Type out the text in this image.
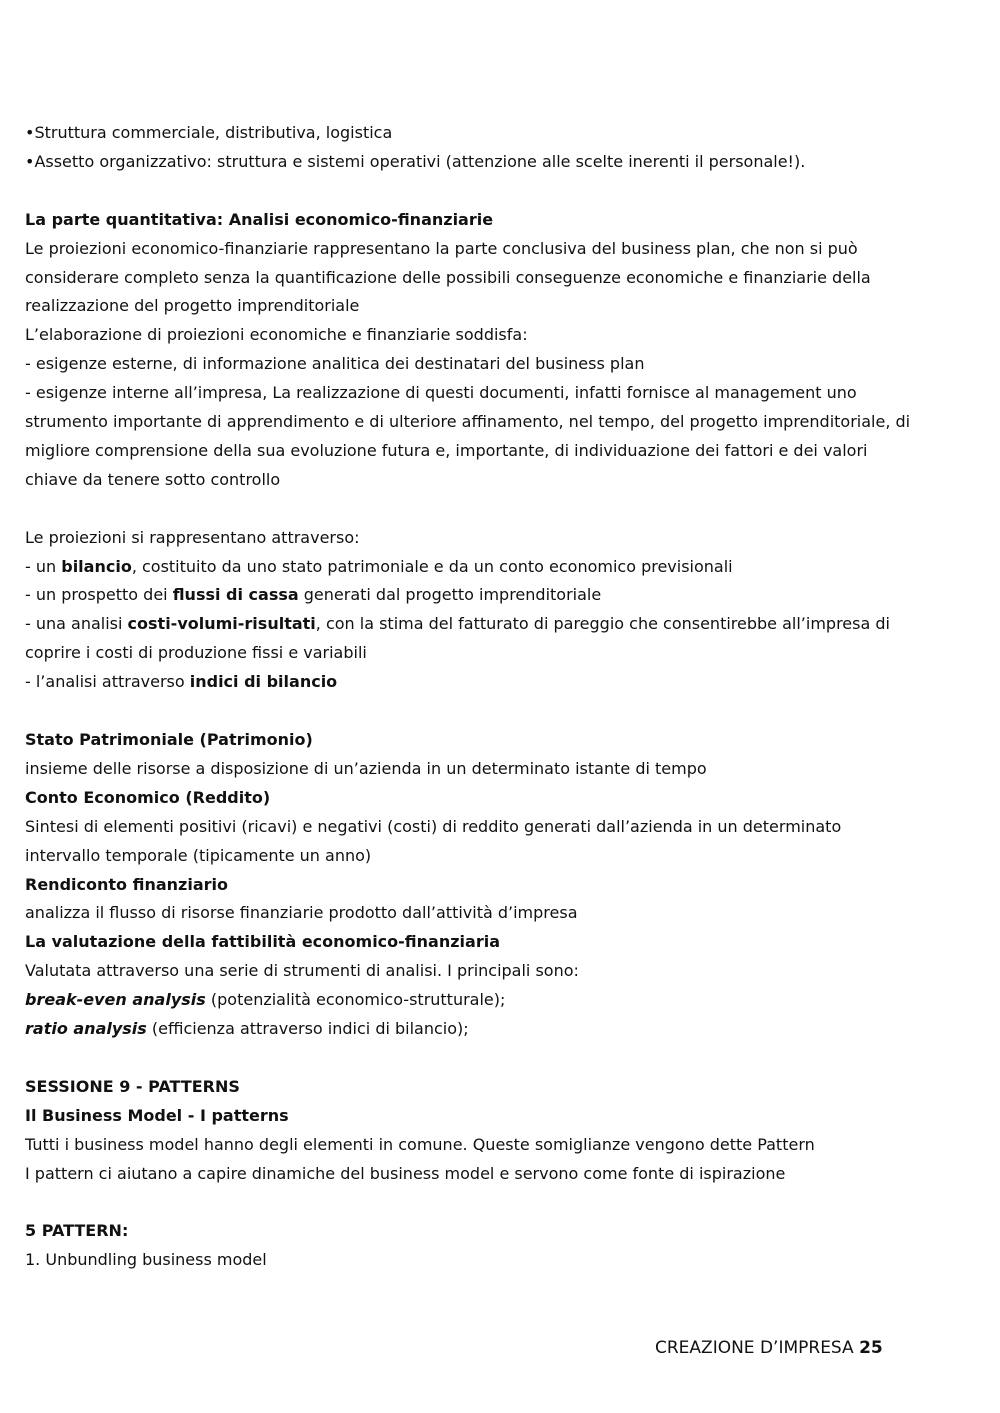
•Struttura commerciale, distributiva, logistica
•Assetto organizzativo: struttura e sistemi operativi (attenzione alle scelte inerenti il personale!).
La parte quantitativa: Analisi economico-finanziarie
Le proiezioni economico-finanziarie rappresentano la parte conclusiva del business plan, che non si può
considerare completo senza la quantificazione delle possibili conseguenze economiche e finanziarie della
realizzazione del progetto imprenditoriale
L’elaborazione di proiezioni economiche e finanziarie soddisfa:
- esigenze esterne, di informazione analitica dei destinatari del business plan
- esigenze interne all’impresa, La realizzazione di questi documenti, infatti fornisce al management uno
strumento importante di apprendimento e di ulteriore affinamento, nel tempo, del progetto imprenditoriale, di
migliore comprensione della sua evoluzione futura e, importante, di individuazione dei fattori e dei valori
chiave da tenere sotto controllo
Le proiezioni si rappresentano attraverso:
- un bilancio, costituito da uno stato patrimoniale e da un conto economico previsionali
- un prospetto dei flussi di cassa generati dal progetto imprenditoriale
- una analisi costi-volumi-risultati, con la stima del fatturato di pareggio che consentirebbe all’impresa di
coprire i costi di produzione fissi e variabili
- l’analisi attraverso indici di bilancio
Stato Patrimoniale (Patrimonio)
insieme delle risorse a disposizione di un’azienda in un determinato istante di tempo
Conto Economico (Reddito)
Sintesi di elementi positivi (ricavi) e negativi (costi) di reddito generati dall’azienda in un determinato
intervallo temporale (tipicamente un anno)
Rendiconto finanziario
analizza il flusso di risorse finanziarie prodotto dall’attività d’impresa
La valutazione della fattibilità economico-finanziaria
Valutata attraverso una serie di strumenti di analisi. I principali sono:
break-even analysis (potenzialità economico-strutturale);
ratio analysis (efficienza attraverso indici di bilancio);
SESSIONE 9 - PATTERNS
Il Business Model - I patterns
Tutti i business model hanno degli elementi in comune. Queste somiglianze vengono dette Pattern
I pattern ci aiutano a capire dinamiche del business model e servono come fonte di ispirazione
5 PATTERN:
1. Unbundling business model
CREAZIONE D’IMPRESA 25
